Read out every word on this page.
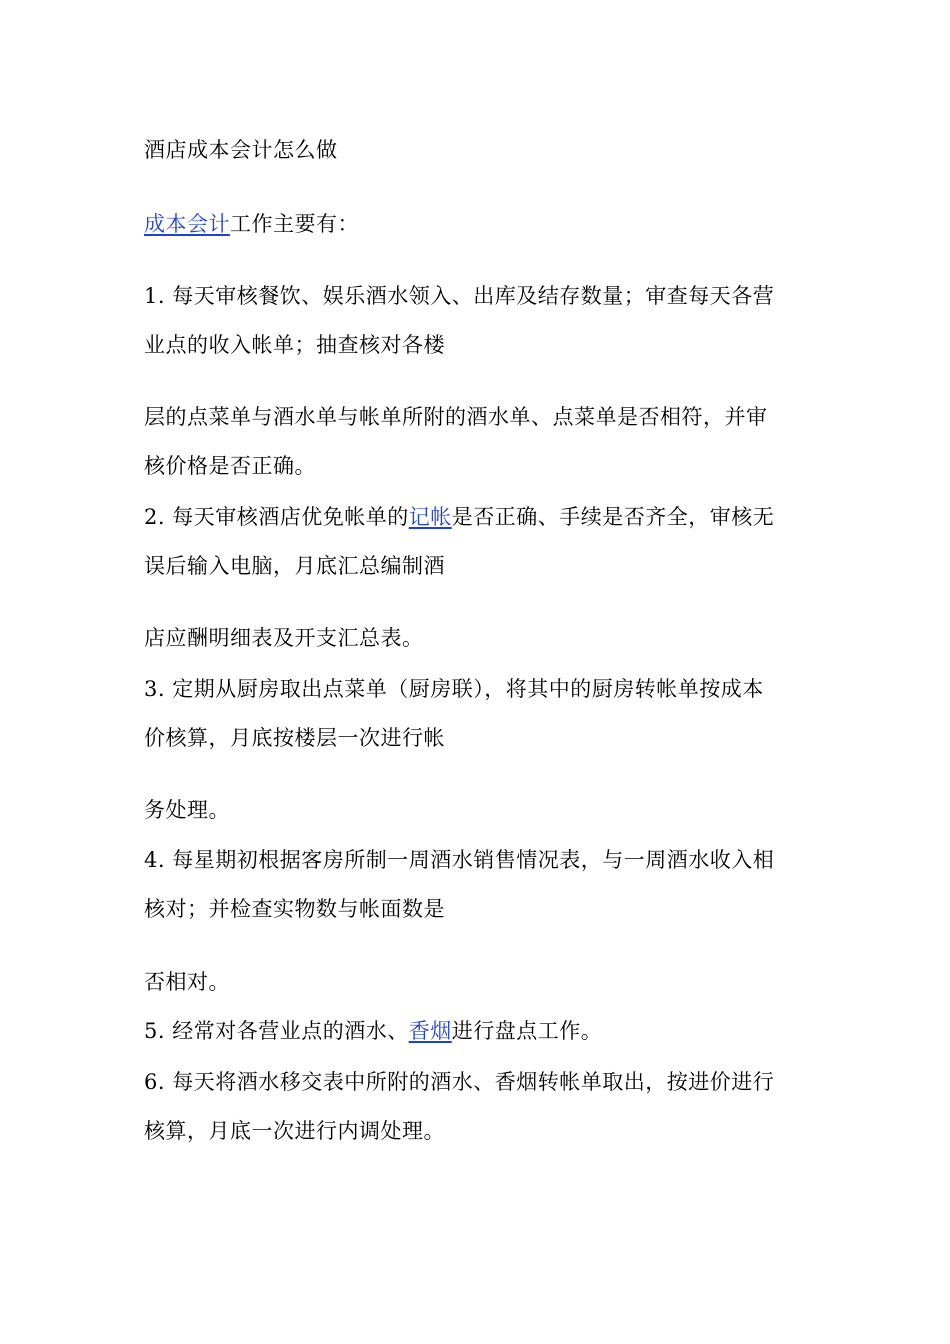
酒店成本会计怎么做
成本会计工作主要有：
1. 每天审核餐饮、娱乐酒水领入、出库及结存数量；审查每天各营
业点的收入帐单；抽查核对各楼
层的点菜单与酒水单与帐单所附的酒水单、点菜单是否相符，并审
核价格是否正确。
2. 每天审核酒店优免帐单的记帐是否正确、手续是否齐全，审核无
误后输入电脑，月底汇总编制酒
店应酬明细表及开支汇总表。
3. 定期从厨房取出点菜单（厨房联），将其中的厨房转帐单按成本
价核算，月底按楼层一次进行帐
务处理。
4. 每星期初根据客房所制一周酒水销售情况表，与一周酒水收入相
核对；并检查实物数与帐面数是
否相对。
5. 经常对各营业点的酒水、香烟进行盘点工作。
6. 每天将酒水移交表中所附的酒水、香烟转帐单取出，按进价进行
核算，月底一次进行内调处理。
